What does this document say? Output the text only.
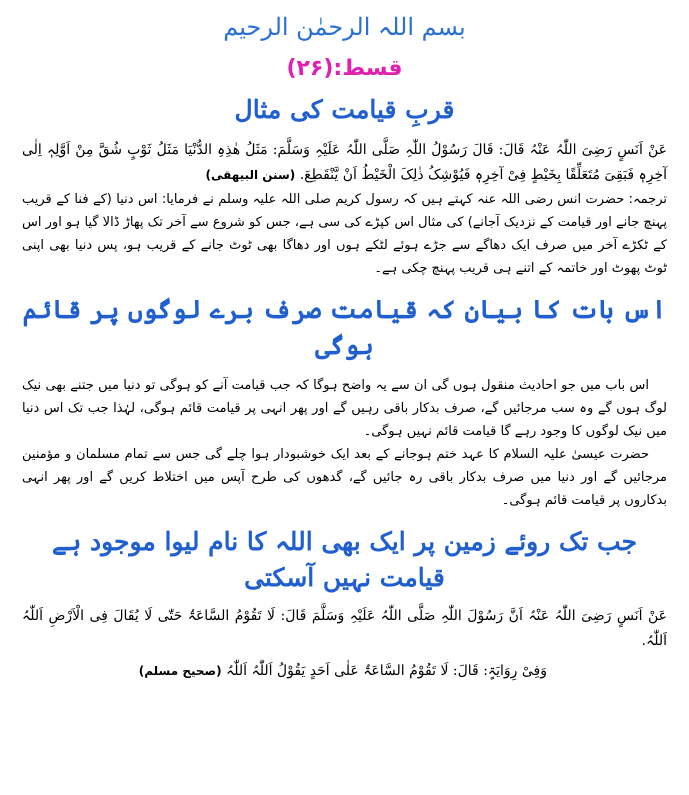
بسم اللہ الرحمٰن الرحیم
قسط:(۲۶)
قربِ قیامت کی مثال

عَنْ اَنَسٍ رَضِیَ اللّٰہُ عَنْہُ قَالَ: قَالَ رَسُوْلُ اللّٰہِ صَلَّی اللّٰہُ عَلَیْہِ وَسَلَّمَ: مَثَلُ ھٰذِہِ الدُّنْیَا مَثَلُ ثَوْبٍ شُقَّ مِنْ اَوَّلِہٖ اِلٰی آخِرِہٖ فَبَقِیَ مُتَعَلِّقًا بِخَیْطٍ فِیْ آخِرِہٖ فَیُوْشِکُ ذٰلِکَ الْخَیْطُ اَنْ یَّنْقَطِعَ. (سنن البیھقی)

ترجمہ: حضرت انس رضی اللہ عنہ کہتے ہیں کہ رسول کریم صلی اللہ علیہ وسلم نے فرمایا: اس دنیا (کے فنا کے قریب پہنچ جانے اور قیامت کے نزدیک آجانے) کی مثال اس کپڑے کی سی ہے، جس کو شروع سے آخر تک پھاڑ ڈالا گیا ہو اور اس کے ٹکڑے آخر میں صرف ایک دھاگے سے جڑے ہوئے لٹکے ہوں اور دھاگا بھی ٹوٹ جانے کے قریب ہو، پس دنیا بھی اپنی ٹوٹ پھوٹ اور خاتمہ کے اتنے ہی قریب پہنچ چکی ہے۔

اس بات کا بیان کہ قیامت صرف برے لوگوں پر قائم ہوگی

اس باب میں جو احادیث منقول ہوں گی ان سے یہ واضح ہوگا کہ جب قیامت آنے کو ہوگی تو دنیا میں جتنے بھی نیک لوگ ہوں گے وہ سب مرجائیں گے، صرف بدکار باقی رہیں گے اور پھر انہی پر قیامت قائم ہوگی، لہٰذا جب تک اس دنیا میں نیک لوگوں کا وجود رہے گا قیامت قائم نہیں ہوگی۔

حضرت عیسیٰ علیہ السلام کا عہد ختم ہوجانے کے بعد ایک خوشبودار ہوا چلے گی جس سے تمام مسلمان و مؤمنین مرجائیں گے اور دنیا میں صرف بدکار باقی رہ جائیں گے، گدھوں کی طرح آپس میں اختلاط کریں گے اور پھر انہی بدکاروں پر قیامت قائم ہوگی۔

جب تک روئے زمین پر ایک بھی اللہ کا نام لیوا موجود ہے قیامت نہیں آسکتی

عَنْ اَنَسٍ رَضِیَ اللّٰہُ عَنْہُ اَنَّ رَسُوْلَ اللّٰہِ صَلَّی اللّٰہُ عَلَیْہِ وَسَلَّمَ قَالَ: لَا تَقُوْمُ السَّاعَۃُ حَتّٰی لَا یُقَالَ فِی الْاَرْضِ اَللّٰہُ اَللّٰہُ.

وَفِیْ رِوَایَۃٍ: قَالَ: لَا تَقُوْمُ السَّاعَۃُ عَلٰی اَحَدٍ یَقُوْلُ اَللّٰہُ اَللّٰہُ (صحیح مسلم)
